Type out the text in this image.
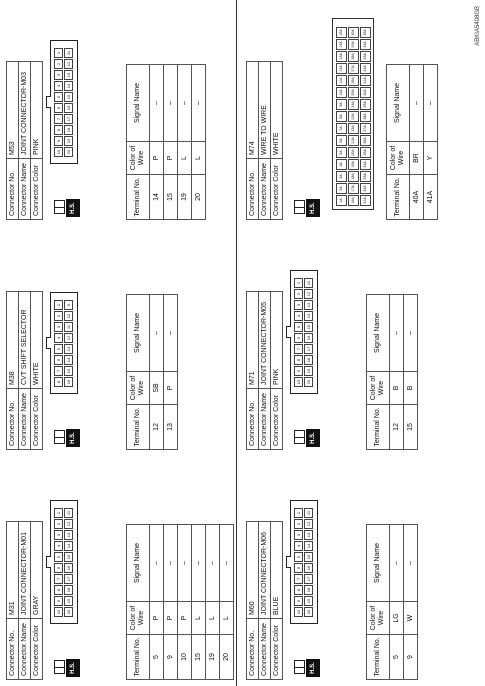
Connector No.	M31
Connector Name	JOINT CONNECTOR-M01
Connector Color	GRAY
H.S.
10
9
8
7
6
5
4
3
2
1
20
19
18
17
16
15
14
13
12
11
Terminal No.	Color of Wire	Signal Name
5	P	–
9	P	–
10	P	–
15	L	–
19	L	–
20	L	–
Connector No.	M60
Connector Name	JOINT CONNECTOR-M06
Connector Color	BLUE
H.S.
10
9
8
7
6
5
4
3
2
1
20
19
18
17
16
15
14
13
12
11
Terminal No.	Color of Wire	Signal Name
5	LG	–
9	W	–
Connector No.	M38
Connector Name	CVT SHIFT SELECTOR
Connector Color	WHITE
H.S.
8
7
6
5
4
3
2
1
16
15
14
13
12
11
10
9
Terminal No.	Color of Wire	Signal Name
12	SB	–
13	P	–
Connector No.	M71
Connector Name	JOINT CONNECTOR-M05
Connector Color	PINK
H.S.
10
9
8
7
6
5
4
3
2
1
20
19
18
17
16
15
14
13
12
11
Terminal No.	Color of Wire	Signal Name
12	B	–
15	B	–
Connector No.	M53
Connector Name	JOINT CONNECTOR-M03
Connector Color	PINK
H.S.
10
9
8
7
6
5
4
3
2
1
20
19
18
17
16
15
14
13
12
11
Terminal No.	Color of Wire	Signal Name
14	P	–
15	P	–
19	L	–
20	L	–
Connector No.	M74
Connector Name	WIRE TO WIRE
Connector Color	WHITE
H.S.
1A
2A
3A
4A
5A
6A
7A
8A
9A
10A
11A
12A
13A
14A
15A
16A
17A
18A
19A
20A
21A
22A
23A
24A
25A
26A
27A
28A
29A
30A
31A
32A
33A
34A
35A
36A
37A
38A
39A
40A
41A
42A
43A
44A
45A
Terminal No.	Color of Wire	Signal Name
40A	BR	–
41A	Y	–
ABKIA5408GB
